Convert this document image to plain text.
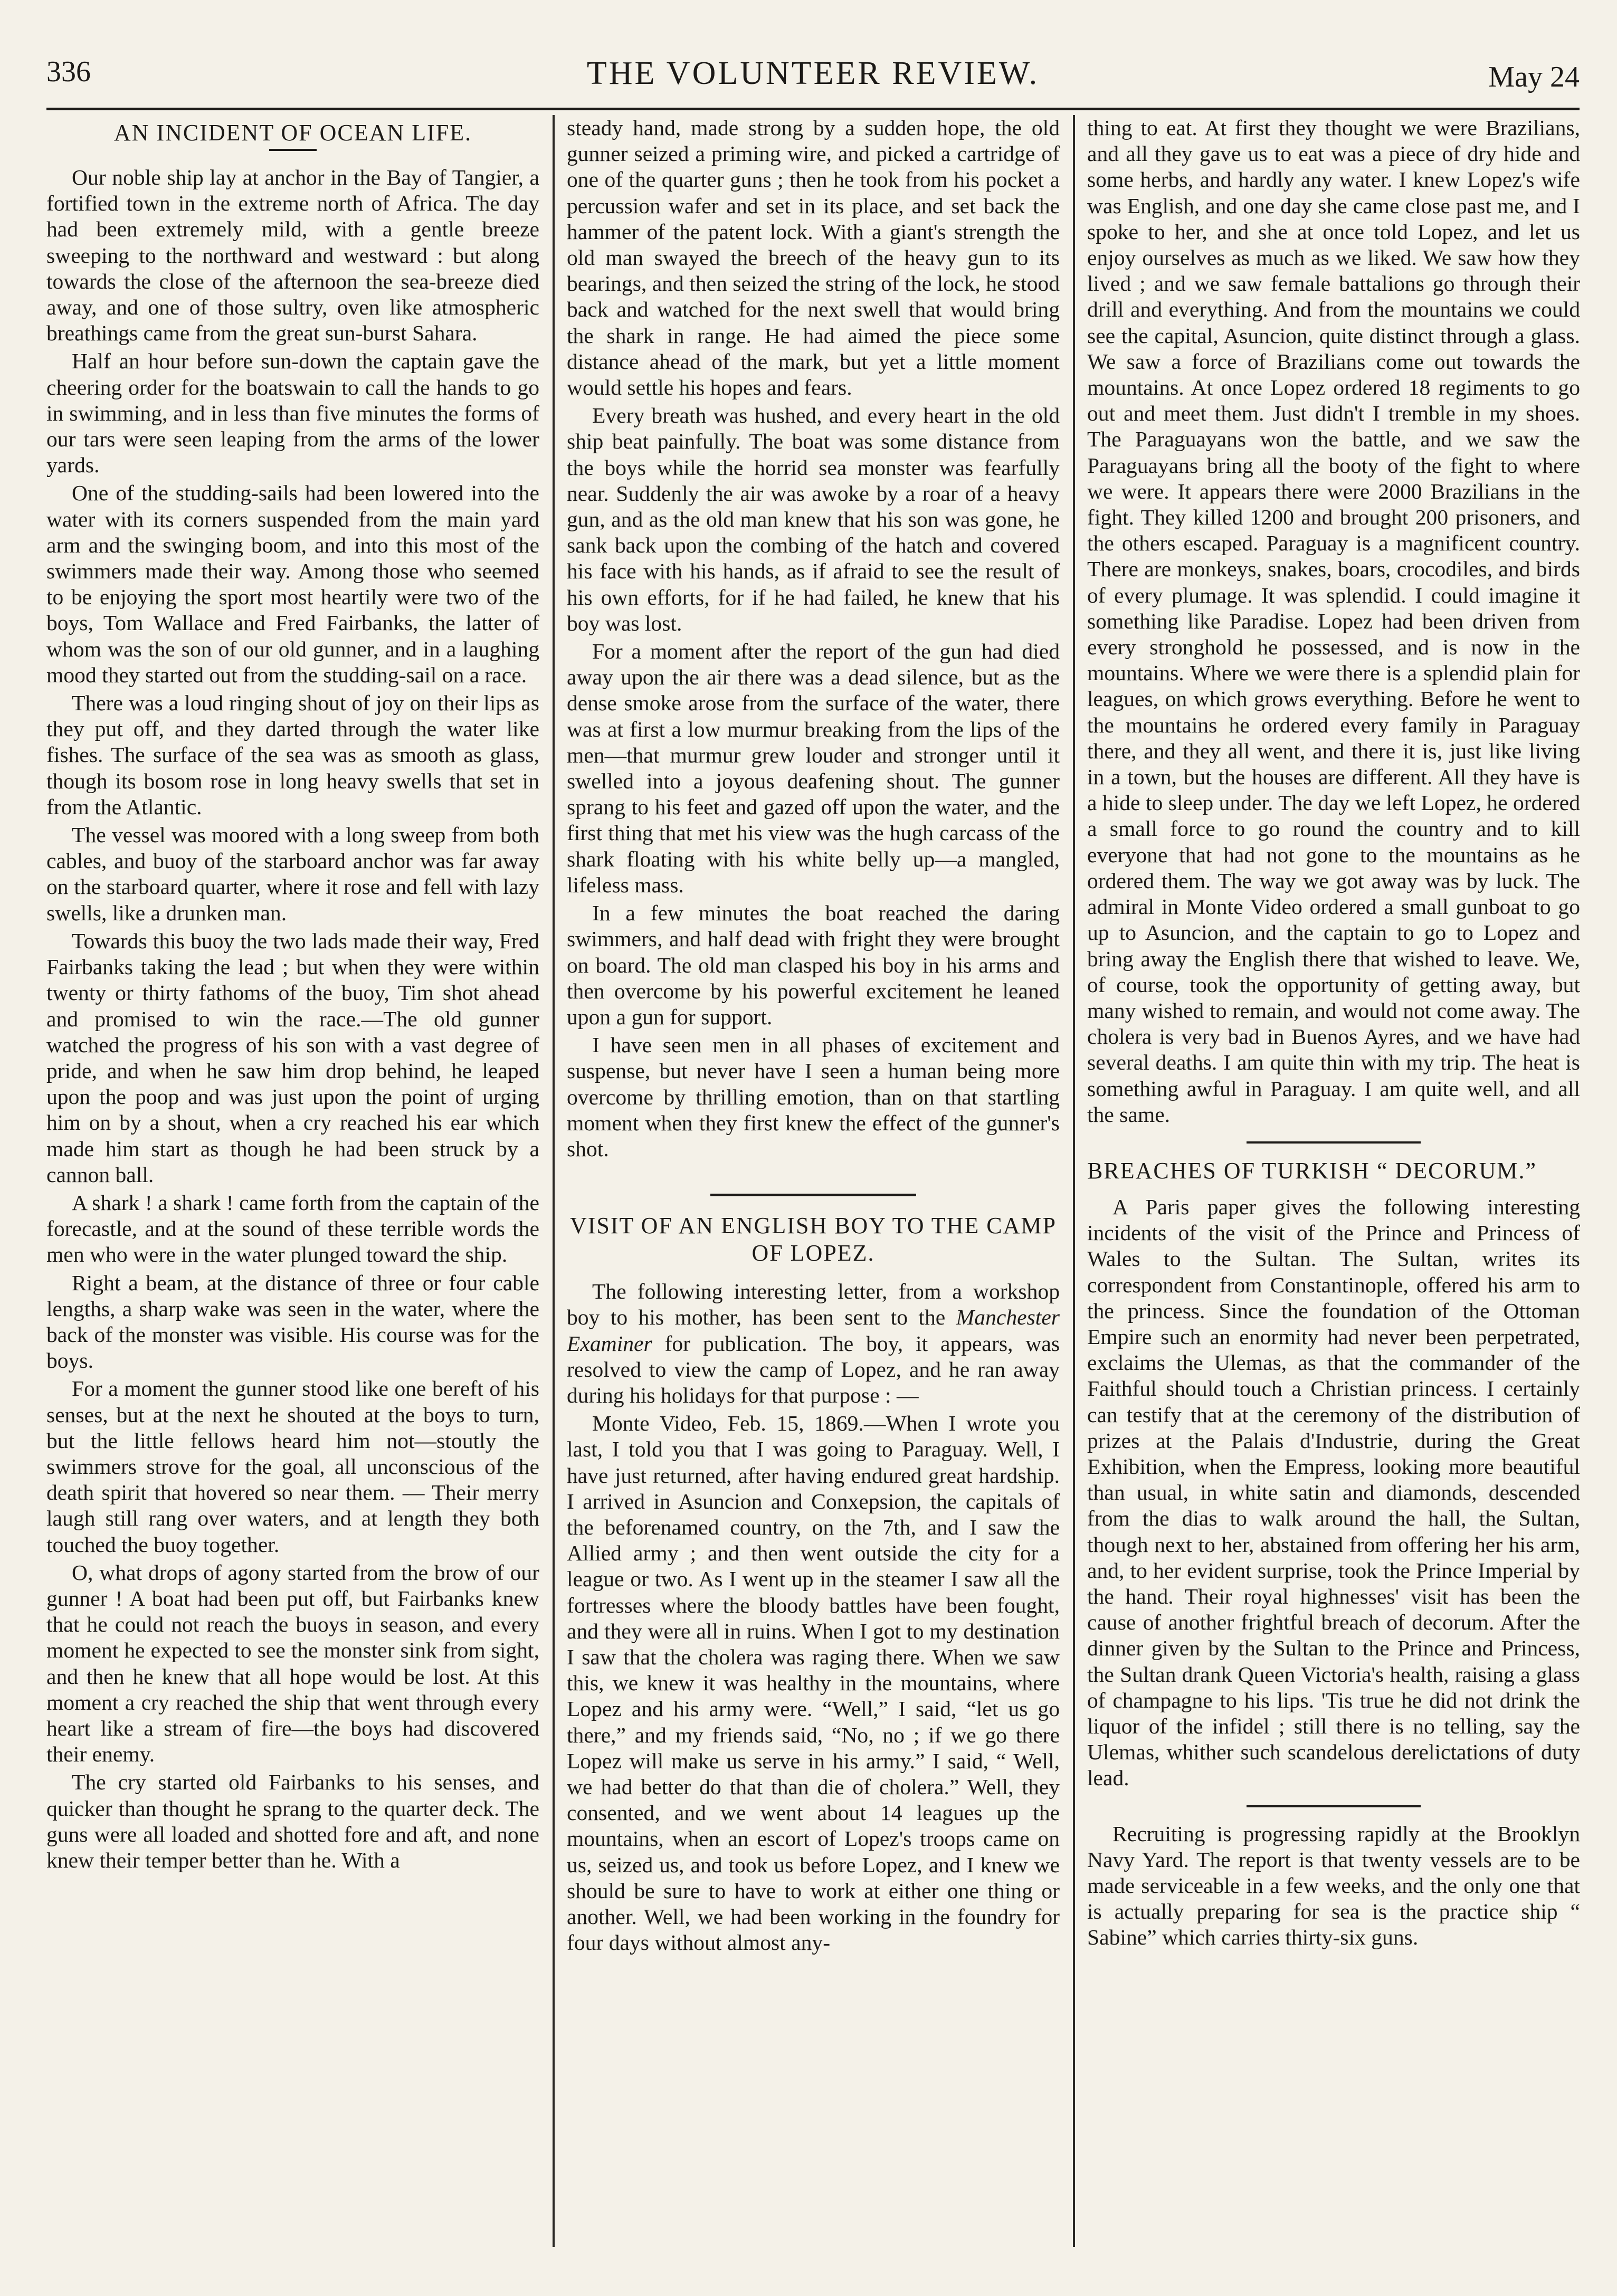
336	THE VOLUNTEER REVIEW.	May 24
AN INCIDENT OF OCEAN LIFE.

Our noble ship lay at anchor in the Bay of Tangier, a fortified town in the extreme north of Africa. The day had been extremely mild, with a gentle breeze sweeping to the northward and westward : but along towards the close of the afternoon the sea-breeze died away, and one of those sultry, oven like atmospheric breathings came from the great sun-burst Sahara.

Half an hour before sun-down the captain gave the cheering order for the boatswain to call the hands to go in swimming, and in less than five minutes the forms of our tars were seen leaping from the arms of the lower yards.

One of the studding-sails had been lowered into the water with its corners suspended from the main yard arm and the swinging boom, and into this most of the swimmers made their way. Among those who seemed to be enjoying the sport most heartily were two of the boys, Tom Wallace and Fred Fairbanks, the latter of whom was the son of our old gunner, and in a laughing mood they started out from the studding-sail on a race.

There was a loud ringing shout of joy on their lips as they put off, and they darted through the water like fishes. The surface of the sea was as smooth as glass, though its bosom rose in long heavy swells that set in from the Atlantic.

The vessel was moored with a long sweep from both cables, and buoy of the starboard anchor was far away on the starboard quarter, where it rose and fell with lazy swells, like a drunken man.

Towards this buoy the two lads made their way, Fred Fairbanks taking the lead ; but when they were within twenty or thirty fathoms of the buoy, Tim shot ahead and promised to win the race.—The old gunner watched the progress of his son with a vast degree of pride, and when he saw him drop behind, he leaped upon the poop and was just upon the point of urging him on by a shout, when a cry reached his ear which made him start as though he had been struck by a cannon ball.

A shark ! a shark ! came forth from the captain of the forecastle, and at the sound of these terrible words the men who were in the water plunged toward the ship.

Right a beam, at the distance of three or four cable lengths, a sharp wake was seen in the water, where the back of the monster was visible. His course was for the boys.

For a moment the gunner stood like one bereft of his senses, but at the next he shouted at the boys to turn, but the little fellows heard him not—stoutly the swimmers strove for the goal, all unconscious of the death spirit that hovered so near them. — Their merry laugh still rang over waters, and at length they both touched the buoy together.

O, what drops of agony started from the brow of our gunner ! A boat had been put off, but Fairbanks knew that he could not reach the buoys in season, and every moment he expected to see the monster sink from sight, and then he knew that all hope would be lost. At this moment a cry reached the ship that went through every heart like a stream of fire—the boys had discovered their enemy.

The cry started old Fairbanks to his senses, and quicker than thought he sprang to the quarter deck. The guns were all loaded and shotted fore and aft, and none knew their temper better than he. With a

steady hand, made strong by a sudden hope, the old gunner seized a priming wire, and picked a cartridge of one of the quarter guns ; then he took from his pocket a percussion wafer and set in its place, and set back the hammer of the patent lock. With a giant's strength the old man swayed the breech of the heavy gun to its bearings, and then seized the string of the lock, he stood back and watched for the next swell that would bring the shark in range. He had aimed the piece some distance ahead of the mark, but yet a little moment would settle his hopes and fears.

Every breath was hushed, and every heart in the old ship beat painfully. The boat was some distance from the boys while the horrid sea monster was fearfully near. Suddenly the air was awoke by a roar of a heavy gun, and as the old man knew that his son was gone, he sank back upon the combing of the hatch and covered his face with his hands, as if afraid to see the result of his own efforts, for if he had failed, he knew that his boy was lost.

For a moment after the report of the gun had died away upon the air there was a dead silence, but as the dense smoke arose from the surface of the water, there was at first a low murmur breaking from the lips of the men—that murmur grew louder and stronger until it swelled into a joyous deafening shout. The gunner sprang to his feet and gazed off upon the water, and the first thing that met his view was the hugh carcass of the shark floating with his white belly up—a mangled, lifeless mass.

In a few minutes the boat reached the daring swimmers, and half dead with fright they were brought on board. The old man clasped his boy in his arms and then overcome by his powerful excitement he leaned upon a gun for support.

I have seen men in all phases of excitement and suspense, but never have I seen a human being more overcome by thrilling emotion, than on that startling moment when they first knew the effect of the gunner's shot.

VISIT OF AN ENGLISH BOY TO THE CAMP OF LOPEZ.

The following interesting letter, from a workshop boy to his mother, has been sent to the Manchester Examiner for publication. The boy, it appears, was resolved to view the camp of Lopez, and he ran away during his holidays for that purpose : —

Monte Video, Feb. 15, 1869.—When I wrote you last, I told you that I was going to Paraguay. Well, I have just returned, after having endured great hardship. I arrived in Asuncion and Conxepsion, the capitals of the beforenamed country, on the 7th, and I saw the Allied army ; and then went outside the city for a league or two. As I went up in the steamer I saw all the fortresses where the bloody battles have been fought, and they were all in ruins. When I got to my destination I saw that the cholera was raging there. When we saw this, we knew it was healthy in the mountains, where Lopez and his army were. “Well,” I said, “let us go there,” and my friends said, “No, no ; if we go there Lopez will make us serve in his army.” I said, “ Well, we had better do that than die of cholera.” Well, they consented, and we went about 14 leagues up the mountains, when an escort of Lopez's troops came on us, seized us, and took us before Lopez, and I knew we should be sure to have to work at either one thing or another. Well, we had been working in the foundry for four days without almost any-

thing to eat. At first they thought we were Brazilians, and all they gave us to eat was a piece of dry hide and some herbs, and hardly any water. I knew Lopez's wife was English, and one day she came close past me, and I spoke to her, and she at once told Lopez, and let us enjoy ourselves as much as we liked. We saw how they lived ; and we saw female battalions go through their drill and everything. And from the mountains we could see the capital, Asuncion, quite distinct through a glass. We saw a force of Brazilians come out towards the mountains. At once Lopez ordered 18 regiments to go out and meet them. Just didn't I tremble in my shoes. The Paraguayans won the battle, and we saw the Paraguayans bring all the booty of the fight to where we were. It appears there were 2000 Brazilians in the fight. They killed 1200 and brought 200 prisoners, and the others escaped. Paraguay is a magnificent country. There are monkeys, snakes, boars, crocodiles, and birds of every plumage. It was splendid. I could imagine it something like Paradise. Lopez had been driven from every stronghold he possessed, and is now in the mountains. Where we were there is a splendid plain for leagues, on which grows everything. Before he went to the mountains he ordered every family in Paraguay there, and they all went, and there it is, just like living in a town, but the houses are different. All they have is a hide to sleep under. The day we left Lopez, he ordered a small force to go round the country and to kill everyone that had not gone to the mountains as he ordered them. The way we got away was by luck. The admiral in Monte Video ordered a small gunboat to go up to Asuncion, and the captain to go to Lopez and bring away the English there that wished to leave. We, of course, took the opportunity of getting away, but many wished to remain, and would not come away. The cholera is very bad in Buenos Ayres, and we have had several deaths. I am quite thin with my trip. The heat is something awful in Paraguay. I am quite well, and all the same.

BREACHES OF TURKISH “ DECORUM.”

A Paris paper gives the following interesting incidents of the visit of the Prince and Princess of Wales to the Sultan. The Sultan, writes its correspondent from Constantinople, offered his arm to the princess. Since the foundation of the Ottoman Empire such an enormity had never been perpetrated, exclaims the Ulemas, as that the commander of the Faithful should touch a Christian princess. I certainly can testify that at the ceremony of the distribution of prizes at the Palais d'Industrie, during the Great Exhibition, when the Empress, looking more beautiful than usual, in white satin and diamonds, descended from the dias to walk around the hall, the Sultan, though next to her, abstained from offering her his arm, and, to her evident surprise, took the Prince Imperial by the hand. Their royal highnesses' visit has been the cause of another frightful breach of decorum. After the dinner given by the Sultan to the Prince and Princess, the Sultan drank Queen Victoria's health, raising a glass of champagne to his lips. 'Tis true he did not drink the liquor of the infidel ; still there is no telling, say the Ulemas, whither such scandelous derelictations of duty lead.

Recruiting is progressing rapidly at the Brooklyn Navy Yard. The report is that twenty vessels are to be made serviceable in a few weeks, and the only one that is actually preparing for sea is the practice ship “ Sabine” which carries thirty-six guns.
